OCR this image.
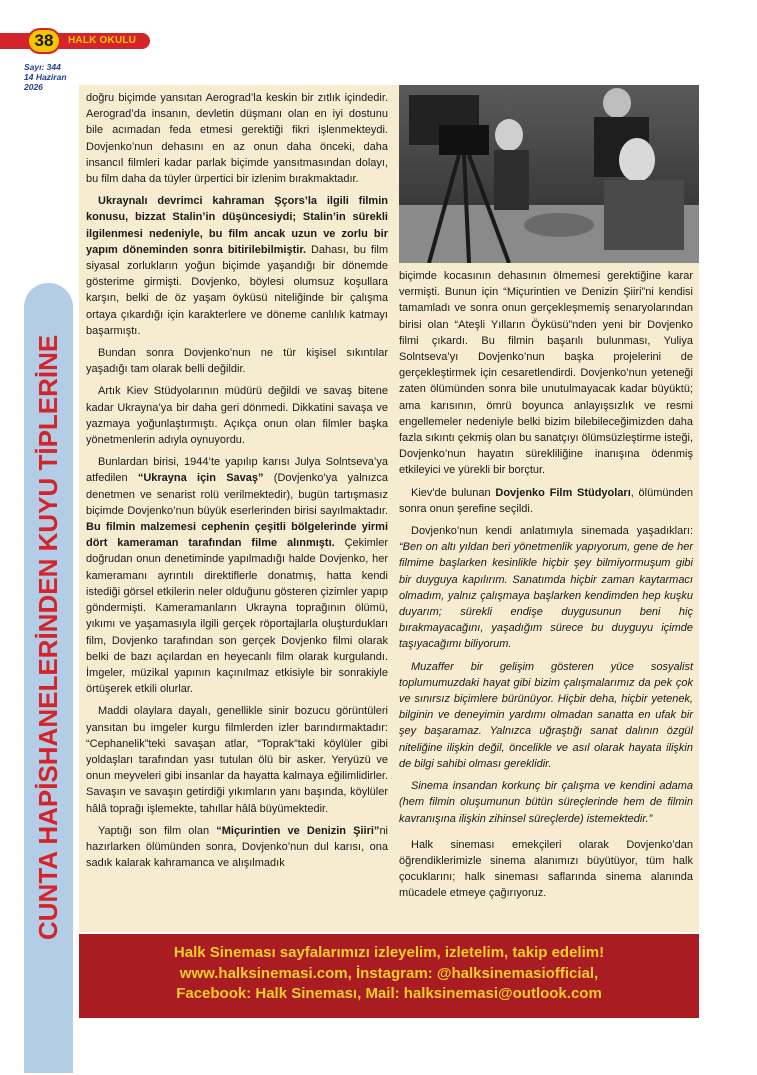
38	HALK OKULU
Sayı: 344
14 Haziran
2026
CUNTA HAPİSHANELERİNDEN KUYU TİPLERİNE

doğru biçimde yansıtan Aerograd’la keskin bir zıtlık içindedir. Aerograd’da insanın, devletin düşmanı olan en iyi dostunu bile acımadan feda etmesi gerektiği fikri işlenmekteydi. Dovjenko’nun dehasını en az onun daha önceki, daha insancıl filmleri kadar parlak biçimde yansıtmasından dolayı, bu film daha da tüyler ürpertici bir izlenim bırakmaktadır.

Ukraynalı devrimci kahraman Şçors’la ilgili filmin konusu, bizzat Stalin’in düşüncesiydi; Stalin’in sürekli ilgilenmesi nedeniyle, bu film ancak uzun ve zorlu bir yapım döneminden sonra bitirilebilmiştir. Dahası, bu film siyasal zorlukların yoğun biçimde yaşandığı bir dönemde gösterime girmişti. Dovjenko, böylesi olumsuz koşullara karşın, belki de öz yaşam öyküsü niteliğinde bir çalışma ortaya çıkardığı için karakterlere ve döneme canlılık katmayı başarmıştı.

Bundan sonra Dovjenko’nun ne tür kişisel sıkıntılar yaşadığı tam olarak belli değildir.

Artık Kiev Stüdyolarının müdürü değildi ve savaş bitene kadar Ukrayna’ya bir daha geri dönmedi. Dikkatini savaşa ve yazmaya yoğunlaştırmıştı. Açıkça onun olan filmler başka yönetmenlerin adıyla oynuyordu.

Bunlardan birisi, 1944’te yapılıp karısı Julya Solntseva’ya atfedilen “Ukrayna için Savaş” (Dovjenko’ya yalnızca denetmen ve senarist rolü verilmektedir), bugün tartışmasız biçimde Dovjenko’nun büyük eserlerinden birisi sayılmaktadır. Bu filmin malzemesi cephenin çeşitli bölgelerinde yirmi dört kameraman tarafından filme alınmıştı. Çekimler doğrudan onun denetiminde yapılmadığı halde Dovjenko, her kameramanı ayrıntılı direktiflerle donatmış, hatta kendi istediği görsel etkilerin neler olduğunu gösteren çizimler yapıp göndermişti. Kameramanların Ukrayna toprağının ölümü, yıkımı ve yaşamasıyla ilgili gerçek röportajlarla oluşturdukları film, Dovjenko tarafından son gerçek Dovjenko filmi olarak belki de bazı açılardan en heyecanlı film olarak kurgulandı. İmgeler, müzikal yapının kaçınılmaz etkisiyle bir sonrakiyle örtüşerek etkili olurlar.

Maddi olaylara dayalı, genellikle sinir bozucu görüntüleri yansıtan bu imgeler kurgu filmlerden izler barındırmaktadır: “Cephanelik”teki savaşan atlar, “Toprak”taki köylüler gibi yoldaşları tarafından yası tutulan ölü bir asker. Yeryüzü ve onun meyveleri gibi insanlar da hayatta kalmaya eğilimlidirler. Savaşın ve savaşın getirdiği yıkımların yanı başında, köylüler hâlâ toprağı işlemekte, tahıllar hâlâ büyümektedir.

Yaptığı son film olan “Miçurintien ve Denizin Şiiri”ni hazırlarken ölümünden sonra, Dovjenko’nun dul karısı, ona sadık kalarak kahramanca ve alışılmadık

biçimde kocasının dehasının ölmemesi gerektiğine karar vermişti. Bunun için “Miçurintien ve Denizin Şiiri”ni kendisi tamamladı ve sonra onun gerçekleşmemiş senaryolarından birisi olan “Ateşli Yılların Öyküsü”nden yeni bir Dovjenko filmi çıkardı. Bu filmin başarılı bulunması, Yuliya Solntseva’yı Dovjenko’nun başka projelerini de gerçekleştirmek için cesaretlendirdi. Dovjenko’nun yeteneği zaten ölümünden sonra bile unutulmayacak kadar büyüktü; ama karısının, ömrü boyunca anlayışsızlık ve resmi engellemeler nedeniyle belki bizim bilebileceğimizden daha fazla sıkıntı çekmiş olan bu sanatçıyı ölümsüzleştirme isteği, Dovjenko’nun hayatın sürekliliğine inanışına ödenmiş etkileyici ve yürekli bir borçtur.

Kiev'de bulunan Dovjenko Film Stüdyoları, ölümünden sonra onun şerefine seçildi.

Dovjenko’nun kendi anlatımıyla sinemada yaşadıkları: “Ben on altı yıldan beri yönetmenlik yapıyorum, gene de her filmime başlarken kesinlikle hiçbir şey bilmiyormuşum gibi bir duyguya kapılırım. Sanatımda hiçbir zaman kaytarmacı olmadım, yalnız çalışmaya başlarken kendimden hep kuşku duyarım; sürekli endişe duygusunun beni hiç bırakmayacağını, yaşadığım sürece bu duyguyu içimde taşıyacağımı biliyorum.

Muzaffer bir gelişim gösteren yüce sosyalist toplumumuzdaki hayat gibi bizim çalışmalarımız da pek çok ve sınırsız biçimlere bürünüyor. Hiçbir deha, hiçbir yetenek, bilginin ve deneyimin yardımı olmadan sanatta en ufak bir şey başaramaz. Yalnızca uğraştığı sanat dalının özgül niteliğine ilişkin değil, öncelikle ve asıl olarak hayata ilişkin de bilgi sahibi olması gereklidir.

Sinema insandan korkunç bir çalışma ve kendini adama (hem filmin oluşumunun bütün süreçlerinde hem de filmin kavranışına ilişkin zihinsel süreçlerde) istemektedir.”

Halk sineması emekçileri olarak Dovjenko’dan öğrendiklerimizle sinema alanımızı büyütüyor, tüm halk çocuklarını; halk sineması saflarında sinema alanında mücadele etmeye çağırıyoruz.

Halk Sineması sayfalarımızı izleyelim, izletelim, takip edelim!
www.halksinemasi.com, İnstagram: @halksinemasiofficial,
Facebook: Halk Sineması, Mail: halksinemasi@outlook.com
